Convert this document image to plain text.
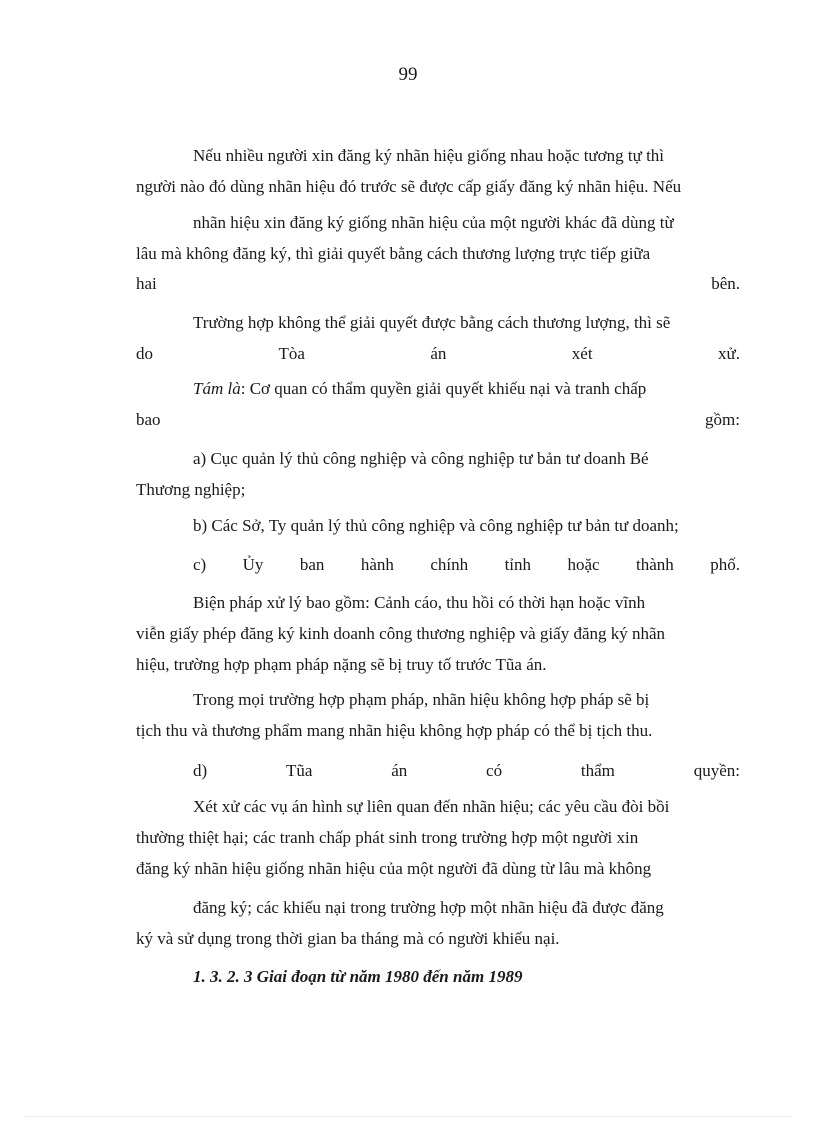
99
Nếu nhiều người xin đăng ký nhãn hiệu giống nhau hoặc tương tự thì
người nào đó dùng nhãn hiệu đó trước sẽ được cấp giấy đăng ký nhãn hiệu. Nếu
nhãn hiệu xin đăng ký giống nhãn hiệu của một người khác đã dùng từ
lâu mà không đăng ký, thì giải quyết bằng cách thương lượng trực tiếp giữa
hai	bên.
Trường hợp không thể giải quyết được bằng cách thương lượng, thì sẽ
do	Tòa	án	xét	xử.
Tám là: Cơ quan có thẩm quyền giải quyết khiếu nại và tranh chấp
bao	gồm:
a) Cục quản lý thủ công nghiệp và công nghiệp tư bản tư doanh Bé
Thương nghiệp;
b) Các Sở, Ty quản lý thủ công nghiệp và công nghiệp tư bản tư doanh;
c) Ủy ban hành chính tỉnh hoặc thành phố.
Biện pháp xử lý bao gồm: Cảnh cáo, thu hồi có thời hạn hoặc vĩnh
viễn giấy phép đăng ký kinh doanh công thương nghiệp và giấy đăng ký nhãn
hiệu, trường hợp phạm pháp nặng sẽ bị truy tố trước Tũa án.
Trong mọi trường hợp phạm pháp, nhãn hiệu không hợp pháp sẽ bị
tịch thu và thương phẩm mang nhãn hiệu không hợp pháp có thể bị tịch thu.
d)	Tũa	án	có	thẩm	quyền:
Xét xử các vụ án hình sự liên quan đến nhãn hiệu; các yêu cầu đòi bồi
thường thiệt hại; các tranh chấp phát sinh trong trường hợp một người xin
đăng ký nhãn hiệu giống nhãn hiệu của một người đã dùng từ lâu mà không
đăng ký; các khiếu nại trong trường hợp một nhãn hiệu đã được đăng
ký và sử dụng trong thời gian ba tháng mà có người khiếu nại.
1. 3. 2. 3 Giai đoạn từ năm 1980 đến năm 1989
